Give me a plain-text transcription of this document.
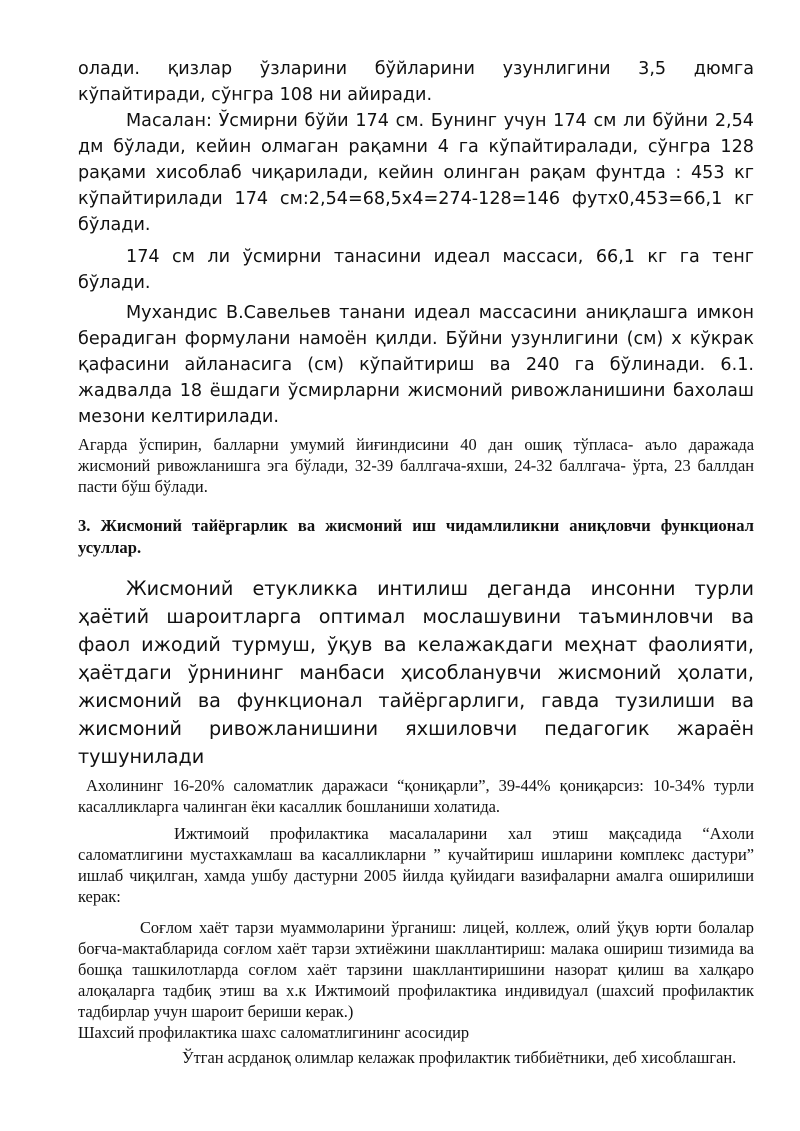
олади. қизлар ўзларини бўйларини узунлигини 3,5 дюмга кўпайтиради, сўнгра 108 ни айиради.

Масалан: Ўсмирни бўйи 174 см. Бунинг учун 174 см ли бўйни 2,54 дм бўлади, кейин олмаган рақамни 4 га кўпайтиралади, сўнгра 128 рақами хисоблаб чиқарилади, кейин олинган рақам фунтда : 453 кг кўпайтирилади 174 см:2,54=68,5х4=274-128=146 футх0,453=66,1 кг бўлади.

174 см ли ўсмирни танасини идеал массаси, 66,1 кг га тенг бўлади.

Мухандис В.Савельев танани идеал массасини аниқлашга имкон берадиган формулани намоён қилди. Бўйни узунлигини (см) х кўкрак қафасини айланасига (см) кўпайтириш ва 240 га бўлинади. 6.1. жадвалда 18 ёшдаги ўсмирларни жисмоний ривожланишини бахолаш мезони келтирилади.

Агарда ўспирин, балларни умумий йиғиндисини 40 дан ошиқ тўпласа- аъло даражада жисмоний ривожланишга эга бўлади, 32-39 баллгача-яхши, 24-32 баллгача- ўрта, 23 баллдан пасти бўш бўлади.

3. Жисмоний тайёргарлик ва жисмоний иш чидамлиликни аниқловчи функционал усуллар.

Жисмоний етукликка интилиш деганда инсонни турли ҳаётий шароитларга оптимал мослашувини таъминловчи ва фаол ижодий турмуш, ўқув ва келажакдаги меҳнат фаолияти, ҳаётдаги ўрнининг манбаси ҳисобланувчи жисмоний ҳолати, жисмоний ва функционал тайёргарлиги, гавда тузилиши ва жисмоний ривожланишини яхшиловчи педагогик жараён тушунилади

Ахолининг 16-20% саломатлик даражаси “қониқарли”, 39-44% қониқарсиз: 10-34% турли касалликларга чалинган ёки касаллик бошланиши холатида.

Ижтимоий профилактика масалаларини хал этиш мақсадида “Ахоли саломатлигини мустахкамлаш ва касалликларни ” кучайтириш ишларини комплекс дастури” ишлаб чиқилган, хамда ушбу дастурни 2005 йилда қуйидаги вазифаларни амалга оширилиши керак:

Соғлом хаёт тарзи муаммоларини ўрганиш: лицей, коллеж, олий ўқув юрти болалар боғча-мактабларида соғлом хаёт тарзи эхтиёжини шакллантириш: малака ошириш тизимида ва бошқа ташкилотларда соғлом хаёт тарзини шакллантиришини назорат қилиш ва халқаро алоқаларга тадбиқ этиш ва х.к Ижтимоий профилактика индивидуал (шахсий профилактик тадбирлар учун шароит бериши керак.)

Шахсий профилактика шахс саломатлигининг асосидир

Ўтган асрданоқ олимлар келажак профилактик тиббиётники, деб хисоблашган.
